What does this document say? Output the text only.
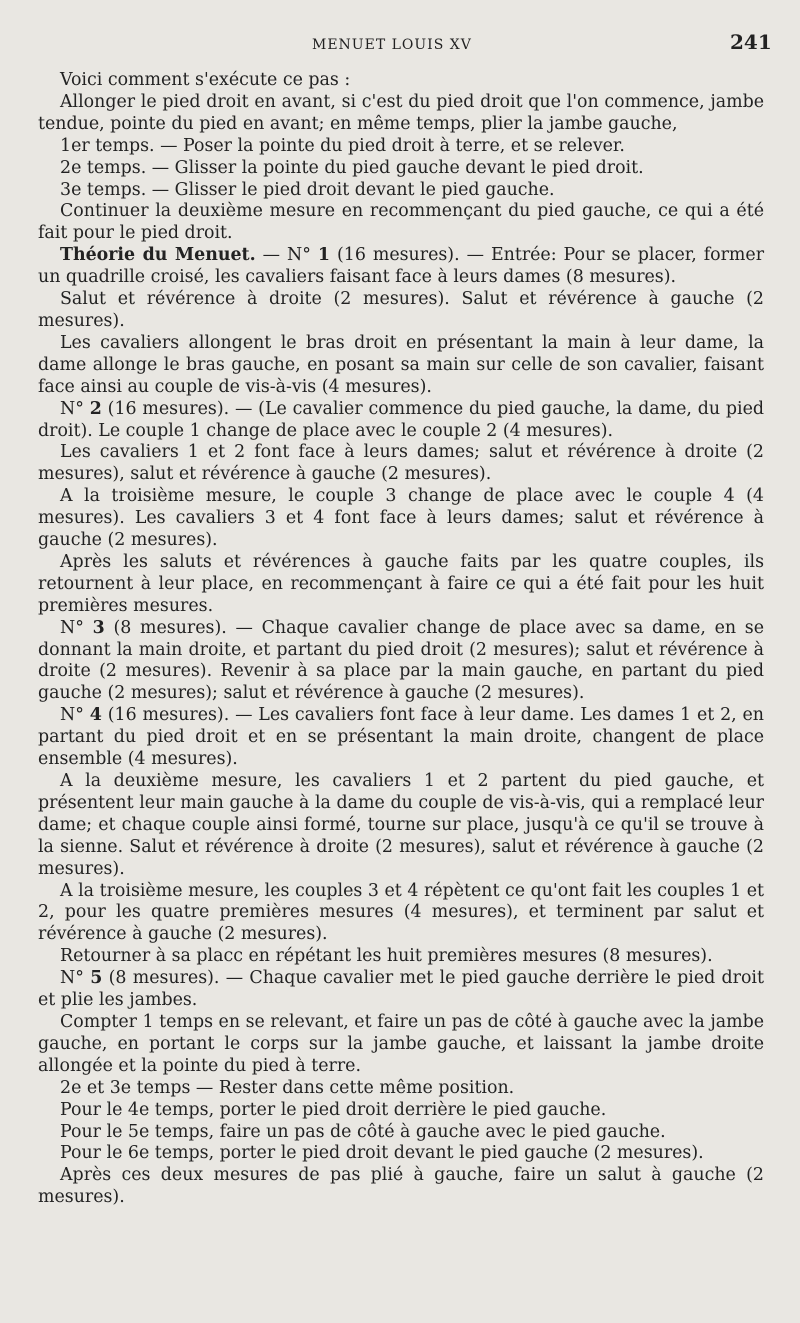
MENUET LOUIS XV	241

Voici comment s'exécute ce pas :

Allonger le pied droit en avant, si c'est du pied droit que l'on commence, jambe tendue, pointe du pied en avant; en même temps, plier la jambe gauche,

1er temps. — Poser la pointe du pied droit à terre, et se relever.

2e temps. — Glisser la pointe du pied gauche devant le pied droit.

3e temps. — Glisser le pied droit devant le pied gauche.

Continuer la deuxième mesure en recommençant du pied gauche, ce qui a été fait pour le pied droit.

Théorie du Menuet. — N° 1 (16 mesures). — Entrée: Pour se placer, former un quadrille croisé, les cavaliers faisant face à leurs dames (8 mesures).

Salut et révérence à droite (2 mesures). Salut et révérence à gauche (2 mesures).

Les cavaliers allongent le bras droit en présentant la main à leur dame, la dame allonge le bras gauche, en posant sa main sur celle de son cavalier, faisant face ainsi au couple de vis-à-vis (4 mesures).

N° 2 (16 mesures). — (Le cavalier commence du pied gauche, la dame, du pied droit). Le couple 1 change de place avec le couple 2 (4 mesures).

Les cavaliers 1 et 2 font face à leurs dames; salut et révérence à droite (2 mesures), salut et révérence à gauche (2 mesures).

A la troisième mesure, le couple 3 change de place avec le couple 4 (4 mesures). Les cavaliers 3 et 4 font face à leurs dames; salut et révérence à gauche (2 mesures).

Après les saluts et révérences à gauche faits par les quatre couples, ils retournent à leur place, en recommençant à faire ce qui a été fait pour les huit premières mesures.

N° 3 (8 mesures). — Chaque cavalier change de place avec sa dame, en se donnant la main droite, et partant du pied droit (2 mesures); salut et révérence à droite (2 mesures). Revenir à sa place par la main gauche, en partant du pied gauche (2 mesures); salut et révérence à gauche (2 mesures).

N° 4 (16 mesures). — Les cavaliers font face à leur dame. Les dames 1 et 2, en partant du pied droit et en se présentant la main droite, changent de place ensemble (4 mesures).

A la deuxième mesure, les cavaliers 1 et 2 partent du pied gauche, et présentent leur main gauche à la dame du couple de vis-à-vis, qui a remplacé leur dame; et chaque couple ainsi formé, tourne sur place, jusqu'à ce qu'il se trouve à la sienne. Salut et révérence à droite (2 mesures), salut et révérence à gauche (2 mesures).

A la troisième mesure, les couples 3 et 4 répètent ce qu'ont fait les couples 1 et 2, pour les quatre premières mesures (4 mesures), et terminent par salut et révérence à gauche (2 mesures).

Retourner à sa placc en répétant les huit premières mesures (8 mesures).

N° 5 (8 mesures). — Chaque cavalier met le pied gauche derrière le pied droit et plie les jambes.

Compter 1 temps en se relevant, et faire un pas de côté à gauche avec la jambe gauche, en portant le corps sur la jambe gauche, et laissant la jambe droite allongée et la pointe du pied à terre.

2e et 3e temps — Rester dans cette même position.

Pour le 4e temps, porter le pied droit derrière le pied gauche.

Pour le 5e temps, faire un pas de côté à gauche avec le pied gauche.

Pour le 6e temps, porter le pied droit devant le pied gauche (2 mesures).

Après ces deux mesures de pas plié à gauche, faire un salut à gauche (2 mesures).
